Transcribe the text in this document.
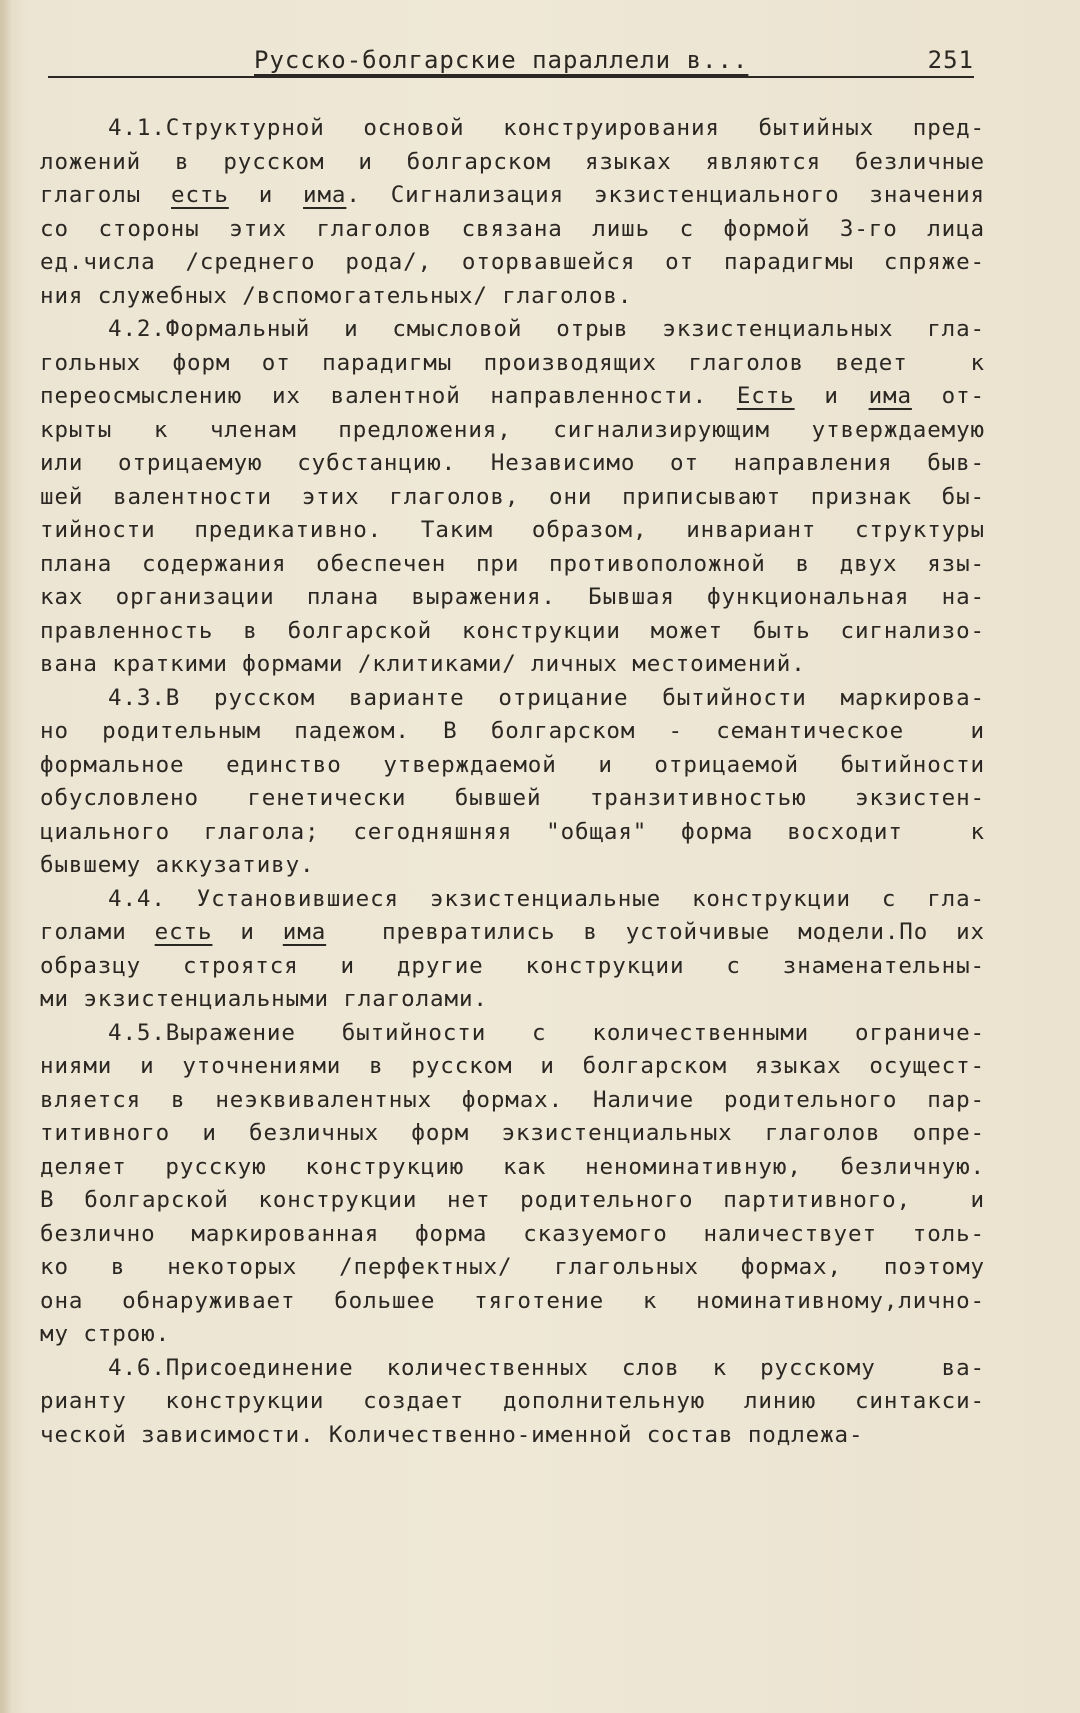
Русско-болгарские параллели в...	251
4.1.Структурной основой конструирования бытийных пред-
ложений в русском и болгарском языках являются безличные
глаголы есть и има. Сигнализация экзистенциального значения
со стороны этих глаголов связана лишь с формой 3-го лица
ед.числа /среднего рода/, оторвавшейся от парадигмы спряже-
ния служебных /вспомогательных/ глаголов.
4.2.Формальный и смысловой отрыв экзистенциальных гла-
гольных форм от парадигмы производящих глаголов ведет  к
переосмыслению их валентной направленности. Есть и има от-
крыты к членам предложения, сигнализирующим утверждаемую
или отрицаемую субстанцию. Независимо от направления быв-
шей валентности этих глаголов, они приписывают признак бы-
тийности предикативно. Таким образом, инвариант структуры
плана содержания обеспечен при противоположной в двух язы-
ках организации плана выражения. Бывшая функциональная на-
правленность в болгарской конструкции может быть сигнализо-
вана краткими формами /клитиками/ личных местоимений.
4.3.В русском варианте отрицание бытийности маркирова-
но родительным падежом. В болгарском - семантическое  и
формальное единство утверждаемой и отрицаемой бытийности
обусловлено генетически бывшей транзитивностью экзистен-
циального глагола; сегодняшняя "общая" форма восходит  к
бывшему аккузативу.
4.4. Установившиеся экзистенциальные конструкции с гла-
голами есть и има  превратились в устойчивые модели.По их
образцу строятся и другие конструкции с знаменательны-
ми экзистенциальными глаголами.
4.5.Выражение бытийности с количественными ограниче-
ниями и уточнениями в русском и болгарском языках осущест-
вляется в неэквивалентных формах. Наличие родительного пар-
титивного и безличных форм экзистенциальных глаголов опре-
деляет русскую конструкцию как неноминативную, безличную.
В болгарской конструкции нет родительного партитивного,  и
безлично маркированная форма сказуемого наличествует толь-
ко в некоторых /перфектных/ глагольных формах, поэтому
она обнаруживает большее тяготение к номинативному,лично-
му строю.
4.6.Присоединение количественных слов к русскому  ва-
рианту конструкции создает дополнительную линию синтакси-
ческой зависимости. Количественно-именной состав подлежа-
